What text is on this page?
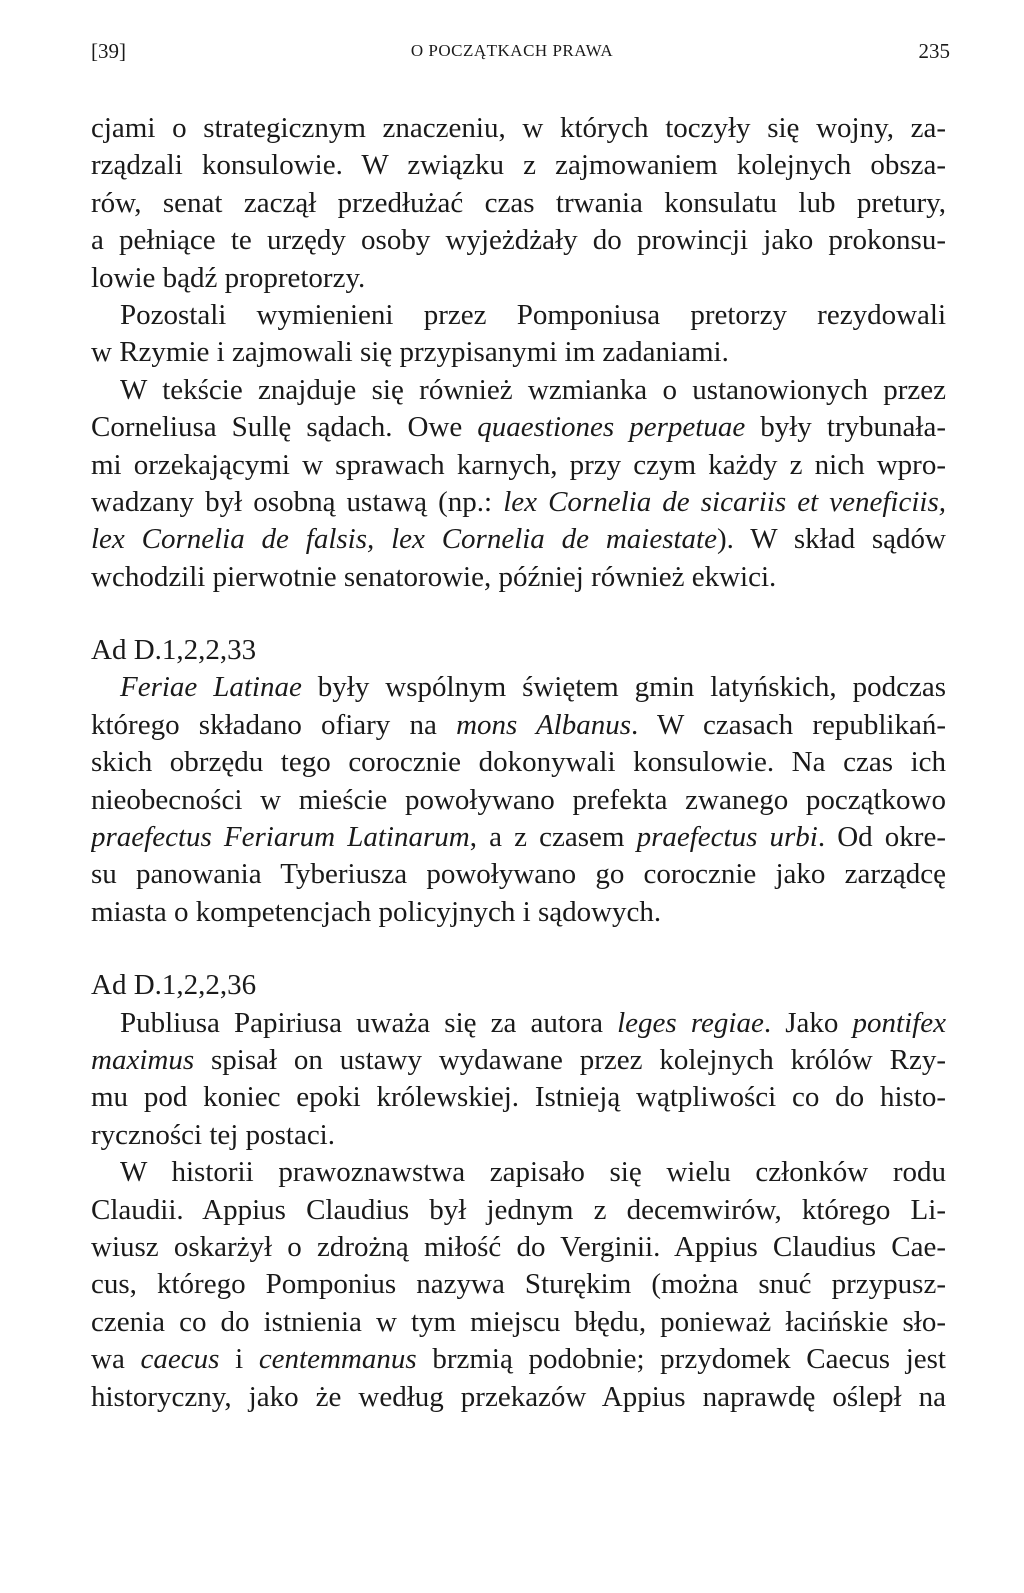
[39]	O POCZĄTKACH PRAWA	235
cjami o strategicznym znaczeniu, w których toczyły się wojny, za-
rządzali konsulowie. W związku z zajmowaniem kolejnych obsza-
rów, senat zaczął przedłużać czas trwania konsulatu lub pretury,
a pełniące te urzędy osoby wyjeżdżały do prowincji jako prokonsu-
lowie bądź propretorzy.
Pozostali wymienieni przez Pomponiusa pretorzy rezydowali
w Rzymie i zajmowali się przypisanymi im zadaniami.
W tekście znajduje się również wzmianka o ustanowionych przez
Corneliusa Sullę sądach. Owe quaestiones perpetuae były trybunała-
mi orzekającymi w sprawach karnych, przy czym każdy z nich wpro-
wadzany był osobną ustawą (np.: lex Cornelia de sicariis et veneficiis,
lex Cornelia de falsis, lex Cornelia de maiestate). W skład sądów
wchodzili pierwotnie senatorowie, później również ekwici.
Ad D.1,2,2,33
Feriae Latinae były wspólnym świętem gmin latyńskich, podczas
którego składano ofiary na mons Albanus. W czasach republikań-
skich obrzędu tego corocznie dokonywali konsulowie. Na czas ich
nieobecności w mieście powoływano prefekta zwanego początkowo
praefectus Feriarum Latinarum, a z czasem praefectus urbi. Od okre-
su panowania Tyberiusza powoływano go corocznie jako zarządcę
miasta o kompetencjach policyjnych i sądowych.
Ad D.1,2,2,36
Publiusa Papiriusa uważa się za autora leges regiae. Jako pontifex
maximus spisał on ustawy wydawane przez kolejnych królów Rzy-
mu pod koniec epoki królewskiej. Istnieją wątpliwości co do histo-
ryczności tej postaci.
W historii prawoznawstwa zapisało się wielu członków rodu
Claudii. Appius Claudius był jednym z decemwirów, którego Li-
wiusz oskarżył o zdrożną miłość do Verginii. Appius Claudius Cae-
cus, którego Pomponius nazywa Sturękim (można snuć przypusz-
czenia co do istnienia w tym miejscu błędu, ponieważ łacińskie sło-
wa caecus i centemmanus brzmią podobnie; przydomek Caecus jest
historyczny, jako że według przekazów Appius naprawdę oślepł na
